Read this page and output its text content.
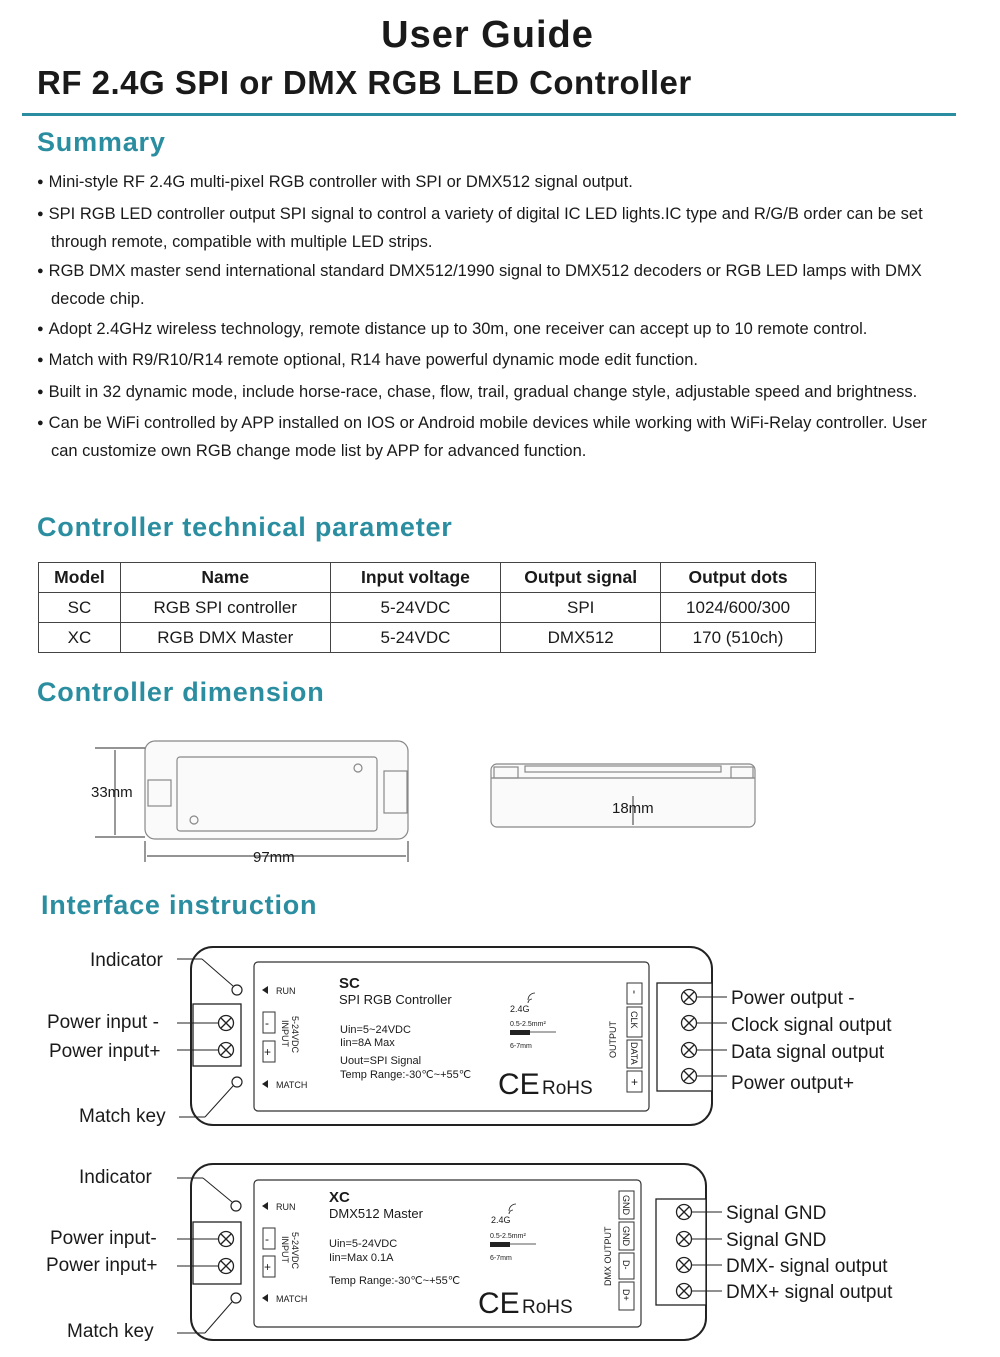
User Guide
RF 2.4G SPI or DMX RGB LED Controller
Summary
● Mini-style RF 2.4G multi-pixel RGB controller with SPI or DMX512 signal output.
● SPI RGB LED controller output SPI signal to control a variety of digital IC LED lights.IC type and R/G/B order can be set through remote, compatible with multiple LED strips.
● RGB DMX master send international standard DMX512/1990 signal to DMX512 decoders or RGB LED lamps with DMX decode chip.
● Adopt 2.4GHz wireless technology, remote distance up to 30m, one receiver can accept up to 10 remote control.
● Match with R9/R10/R14 remote optional, R14 have powerful dynamic mode edit function.
● Built in 32 dynamic mode, include horse-race, chase, flow, trail, gradual change style, adjustable speed and brightness.
● Can be WiFi controlled by APP installed on IOS or Android mobile devices while working with WiFi-Relay controller. User can customize own RGB change mode list by APP for advanced function.
Controller technical parameter
Model	Name	Input voltage	Output signal	Output dots
SC	RGB SPI controller	5-24VDC	SPI	1024/600/300
XC	RGB DMX Master	5-24VDC	DMX512	170 (510ch)
Controller dimension
Interface instruction
33mm
97mm
18mm
-
+
INPUT 5-24VDC
RUN
MATCH
SC
SPI RGB Controller
Uin=5~24VDC
Iin=8A Max
Uout=SPI Signal
Temp Range:-30℃~+55℃
2.4G
0.5-2.5mm²
6-7mm
CE RoHS
-
CLK
DATA
+
OUTPUT
Indicator
Power input -
Power input+
Match key
Power output -
Clock signal output
Data signal output
Power output+
-
+
INPUT 5-24VDC
RUN
MATCH
XC
DMX512 Master
Uin=5-24VDC
Iin=Max 0.1A
Temp Range:-30℃~+55℃
2.4G
0.5-2.5mm²
6-7mm
CE RoHS
GND
GND
D-
D+
DMX OUTPUT
Indicator
Power input-
Power input+
Match key
Signal GND
Signal GND
DMX- signal output
DMX+ signal output
